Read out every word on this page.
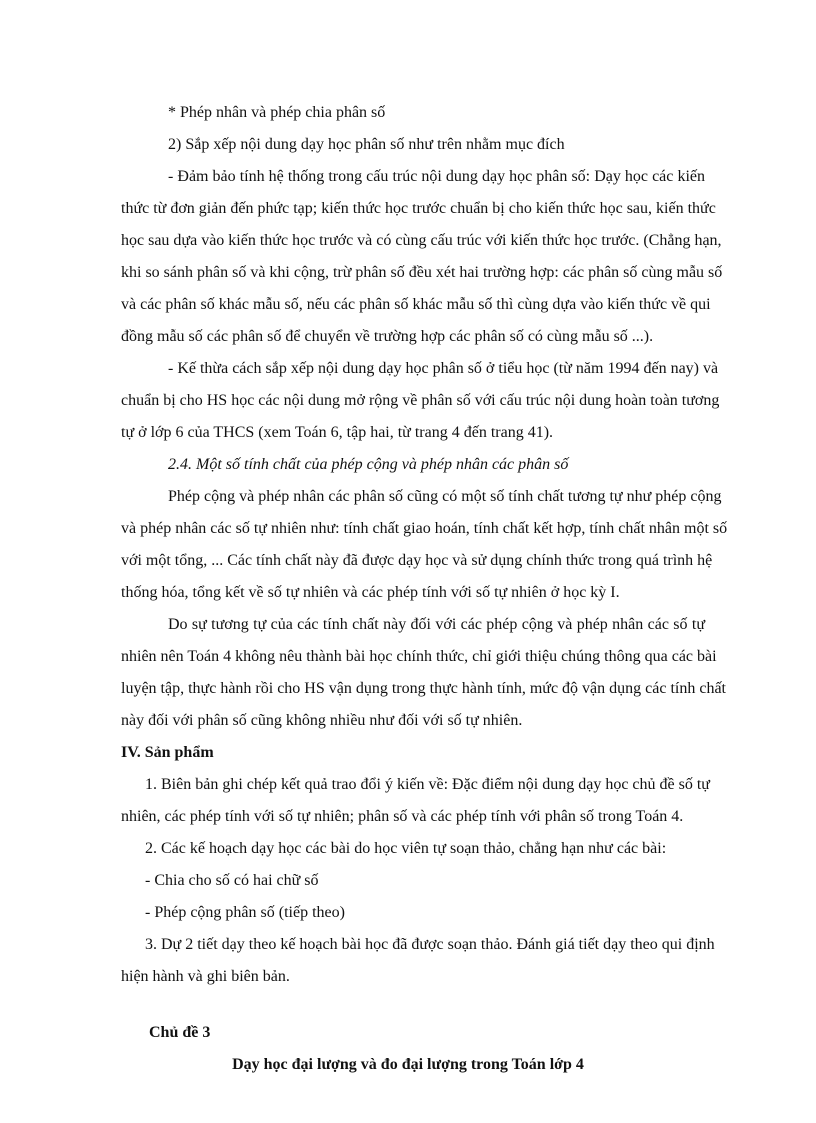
* Phép nhân và phép chia phân số
2) Sắp xếp nội dung dạy học phân số như trên nhằm mục đích
- Đảm bảo tính hệ thống trong cấu trúc nội dung dạy học phân số: Dạy học các kiến
thức từ đơn giản đến phức tạp; kiến thức học trước chuẩn bị cho kiến thức học sau, kiến thức
học sau dựa vào kiến thức học trước và có cùng cấu trúc với kiến thức học trước. (Chẳng hạn,
khi so sánh phân số và khi cộng, trừ phân số đều xét hai trường hợp: các phân số cùng mẫu số
và các phân số khác mẫu số, nếu các phân số khác mẫu số thì cùng dựa vào kiến thức về qui
đồng mẫu số các phân số để chuyển về trường hợp các phân số có cùng mẫu số ...).
- Kế thừa cách sắp xếp nội dung dạy học phân số ở tiểu học (từ năm 1994 đến nay) và
chuẩn bị cho HS học các nội dung mở rộng về phân số với cấu trúc nội dung hoàn toàn tương
tự ở lớp 6 của THCS (xem Toán 6, tập hai, từ trang 4 đến trang 41).
2.4. Một số tính chất của phép cộng và phép nhân các phân số
Phép cộng và phép nhân các phân số cũng có một số tính chất tương tự như phép cộng
và phép nhân các số tự nhiên như: tính chất giao hoán, tính chất kết hợp, tính chất nhân một số
với một tổng, ... Các tính chất này đã được dạy học và sử dụng chính thức trong quá trình hệ
thống hóa, tổng kết về số tự nhiên và các phép tính với số tự nhiên ở học kỳ I.
Do sự tương tự của các tính chất này đối với các phép cộng và phép nhân các số tự
nhiên nên Toán 4 không nêu thành bài học chính thức, chỉ giới thiệu chúng thông qua các bài
luyện tập, thực hành rồi cho HS vận dụng trong thực hành tính, mức độ vận dụng các tính chất
này đối với phân số cũng không nhiều như đối với số tự nhiên.
IV. Sản phẩm
1. Biên bản ghi chép kết quả trao đổi ý kiến về: Đặc điểm nội dung dạy học chủ đề số tự
nhiên, các phép tính với số tự nhiên; phân số và các phép tính với phân số trong Toán 4.
2. Các kế hoạch dạy học các bài do học viên tự soạn thảo, chẳng hạn như các bài:
- Chia cho số có hai chữ số
- Phép cộng phân số (tiếp theo)
3. Dự 2 tiết dạy theo kế hoạch bài học đã được soạn thảo. Đánh giá tiết dạy theo qui định
hiện hành và ghi biên bản.
Chủ đề 3
Dạy học đại lượng và đo đại lượng trong Toán lớp 4
